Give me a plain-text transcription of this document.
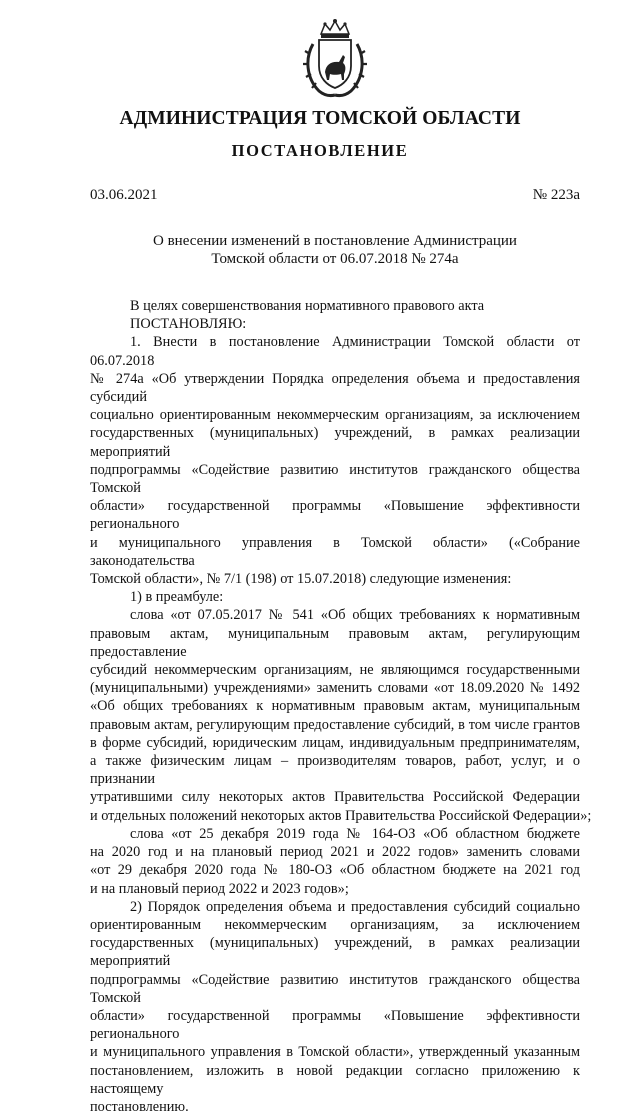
АДМИНИСТРАЦИЯ ТОМСКОЙ ОБЛАСТИ
ПОСТАНОВЛЕНИЕ
03.06.2021	№ 223а
О внесении изменений в постановление Администрации
Томской области от 06.07.2018 № 274а
В целях совершенствования нормативного правового акта
ПОСТАНОВЛЯЮ:
1. Внести в постановление Администрации Томской области от 06.07.2018
№ 274а «Об утверждении Порядка определения объема и предоставления субсидий
социально ориентированным некоммерческим организациям, за исключением
государственных (муниципальных) учреждений, в рамках реализации мероприятий
подпрограммы «Содействие развитию институтов гражданского общества Томской
области» государственной программы «Повышение эффективности регионального
и муниципального управления в Томской области» («Собрание законодательства
Томской области», № 7/1 (198) от 15.07.2018) следующие изменения:
1) в преамбуле:
слова «от 07.05.2017 № 541 «Об общих требованиях к нормативным
правовым актам, муниципальным правовым актам, регулирующим предоставление
субсидий некоммерческим организациям, не являющимся государственными
(муниципальными) учреждениями» заменить словами «от 18.09.2020 № 1492
«Об общих требованиях к нормативным правовым актам, муниципальным
правовым актам, регулирующим предоставление субсидий, в том числе грантов
в форме субсидий, юридическим лицам, индивидуальным предпринимателям,
а также физическим лицам – производителям товаров, работ, услуг, и о признании
утратившими силу некоторых актов Правительства Российской Федерации
и отдельных положений некоторых актов Правительства Российской Федерации»;
слова «от 25 декабря 2019 года № 164-ОЗ «Об областном бюджете
на 2020 год и на плановый период 2021 и 2022 годов» заменить словами
«от 29 декабря 2020 года № 180-ОЗ «Об областном бюджете на 2021 год
и на плановый период 2022 и 2023 годов»;
2) Порядок определения объема и предоставления субсидий социально
ориентированным некоммерческим организациям, за исключением
государственных (муниципальных) учреждений, в рамках реализации мероприятий
подпрограммы «Содействие развитию институтов гражданского общества Томской
области» государственной программы «Повышение эффективности регионального
и муниципального управления в Томской области», утвержденный указанным
постановлением, изложить в новой редакции согласно приложению к настоящему
постановлению.
